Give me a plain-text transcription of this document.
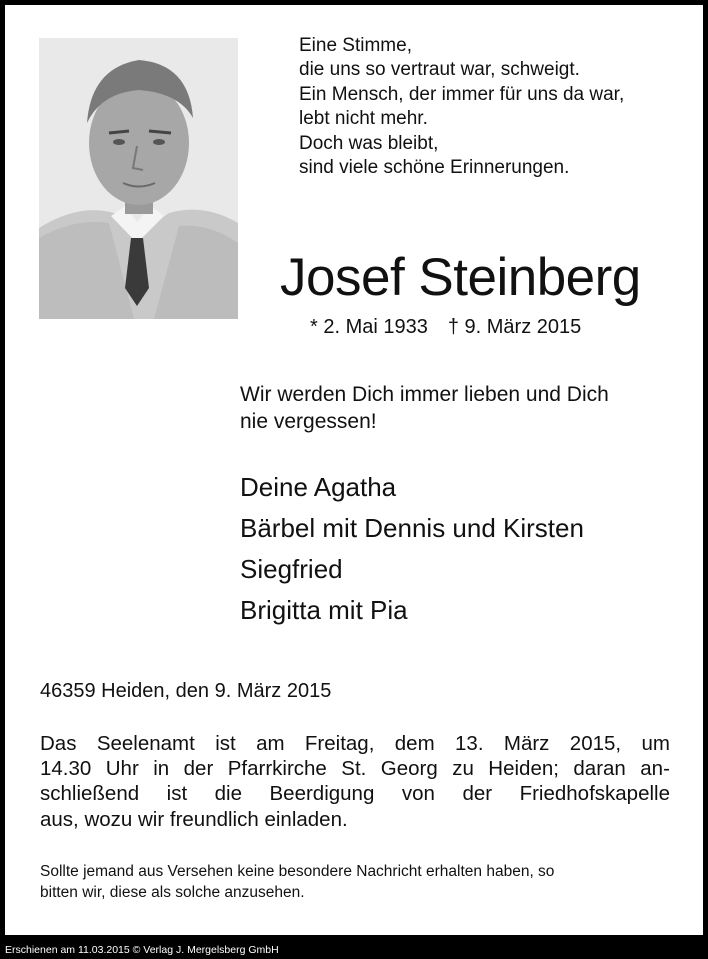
Eine Stimme,
die uns so vertraut war, schweigt.
Ein Mensch, der immer für uns da war,
lebt nicht mehr.
Doch was bleibt,
sind viele schöne Erinnerungen.
Josef Steinberg
* 2. Mai 1933 † 9. März 2015
Wir werden Dich immer lieben und Dich
nie vergessen!
Deine Agatha
Bärbel mit Dennis und Kirsten
Siegfried
Brigitta mit Pia
46359 Heiden, den 9. März 2015
Das Seelenamt ist am Freitag, dem 13. März 2015, um
14.30 Uhr in der Pfarrkirche St. Georg zu Heiden; daran an-
schließend ist die Beerdigung von der Friedhofskapelle
aus, wozu wir freundlich einladen.
Sollte jemand aus Versehen keine besondere Nachricht erhalten haben, so
bitten wir, diese als solche anzusehen.
Erschienen am 11.03.2015 © Verlag J. Mergelsberg GmbH
